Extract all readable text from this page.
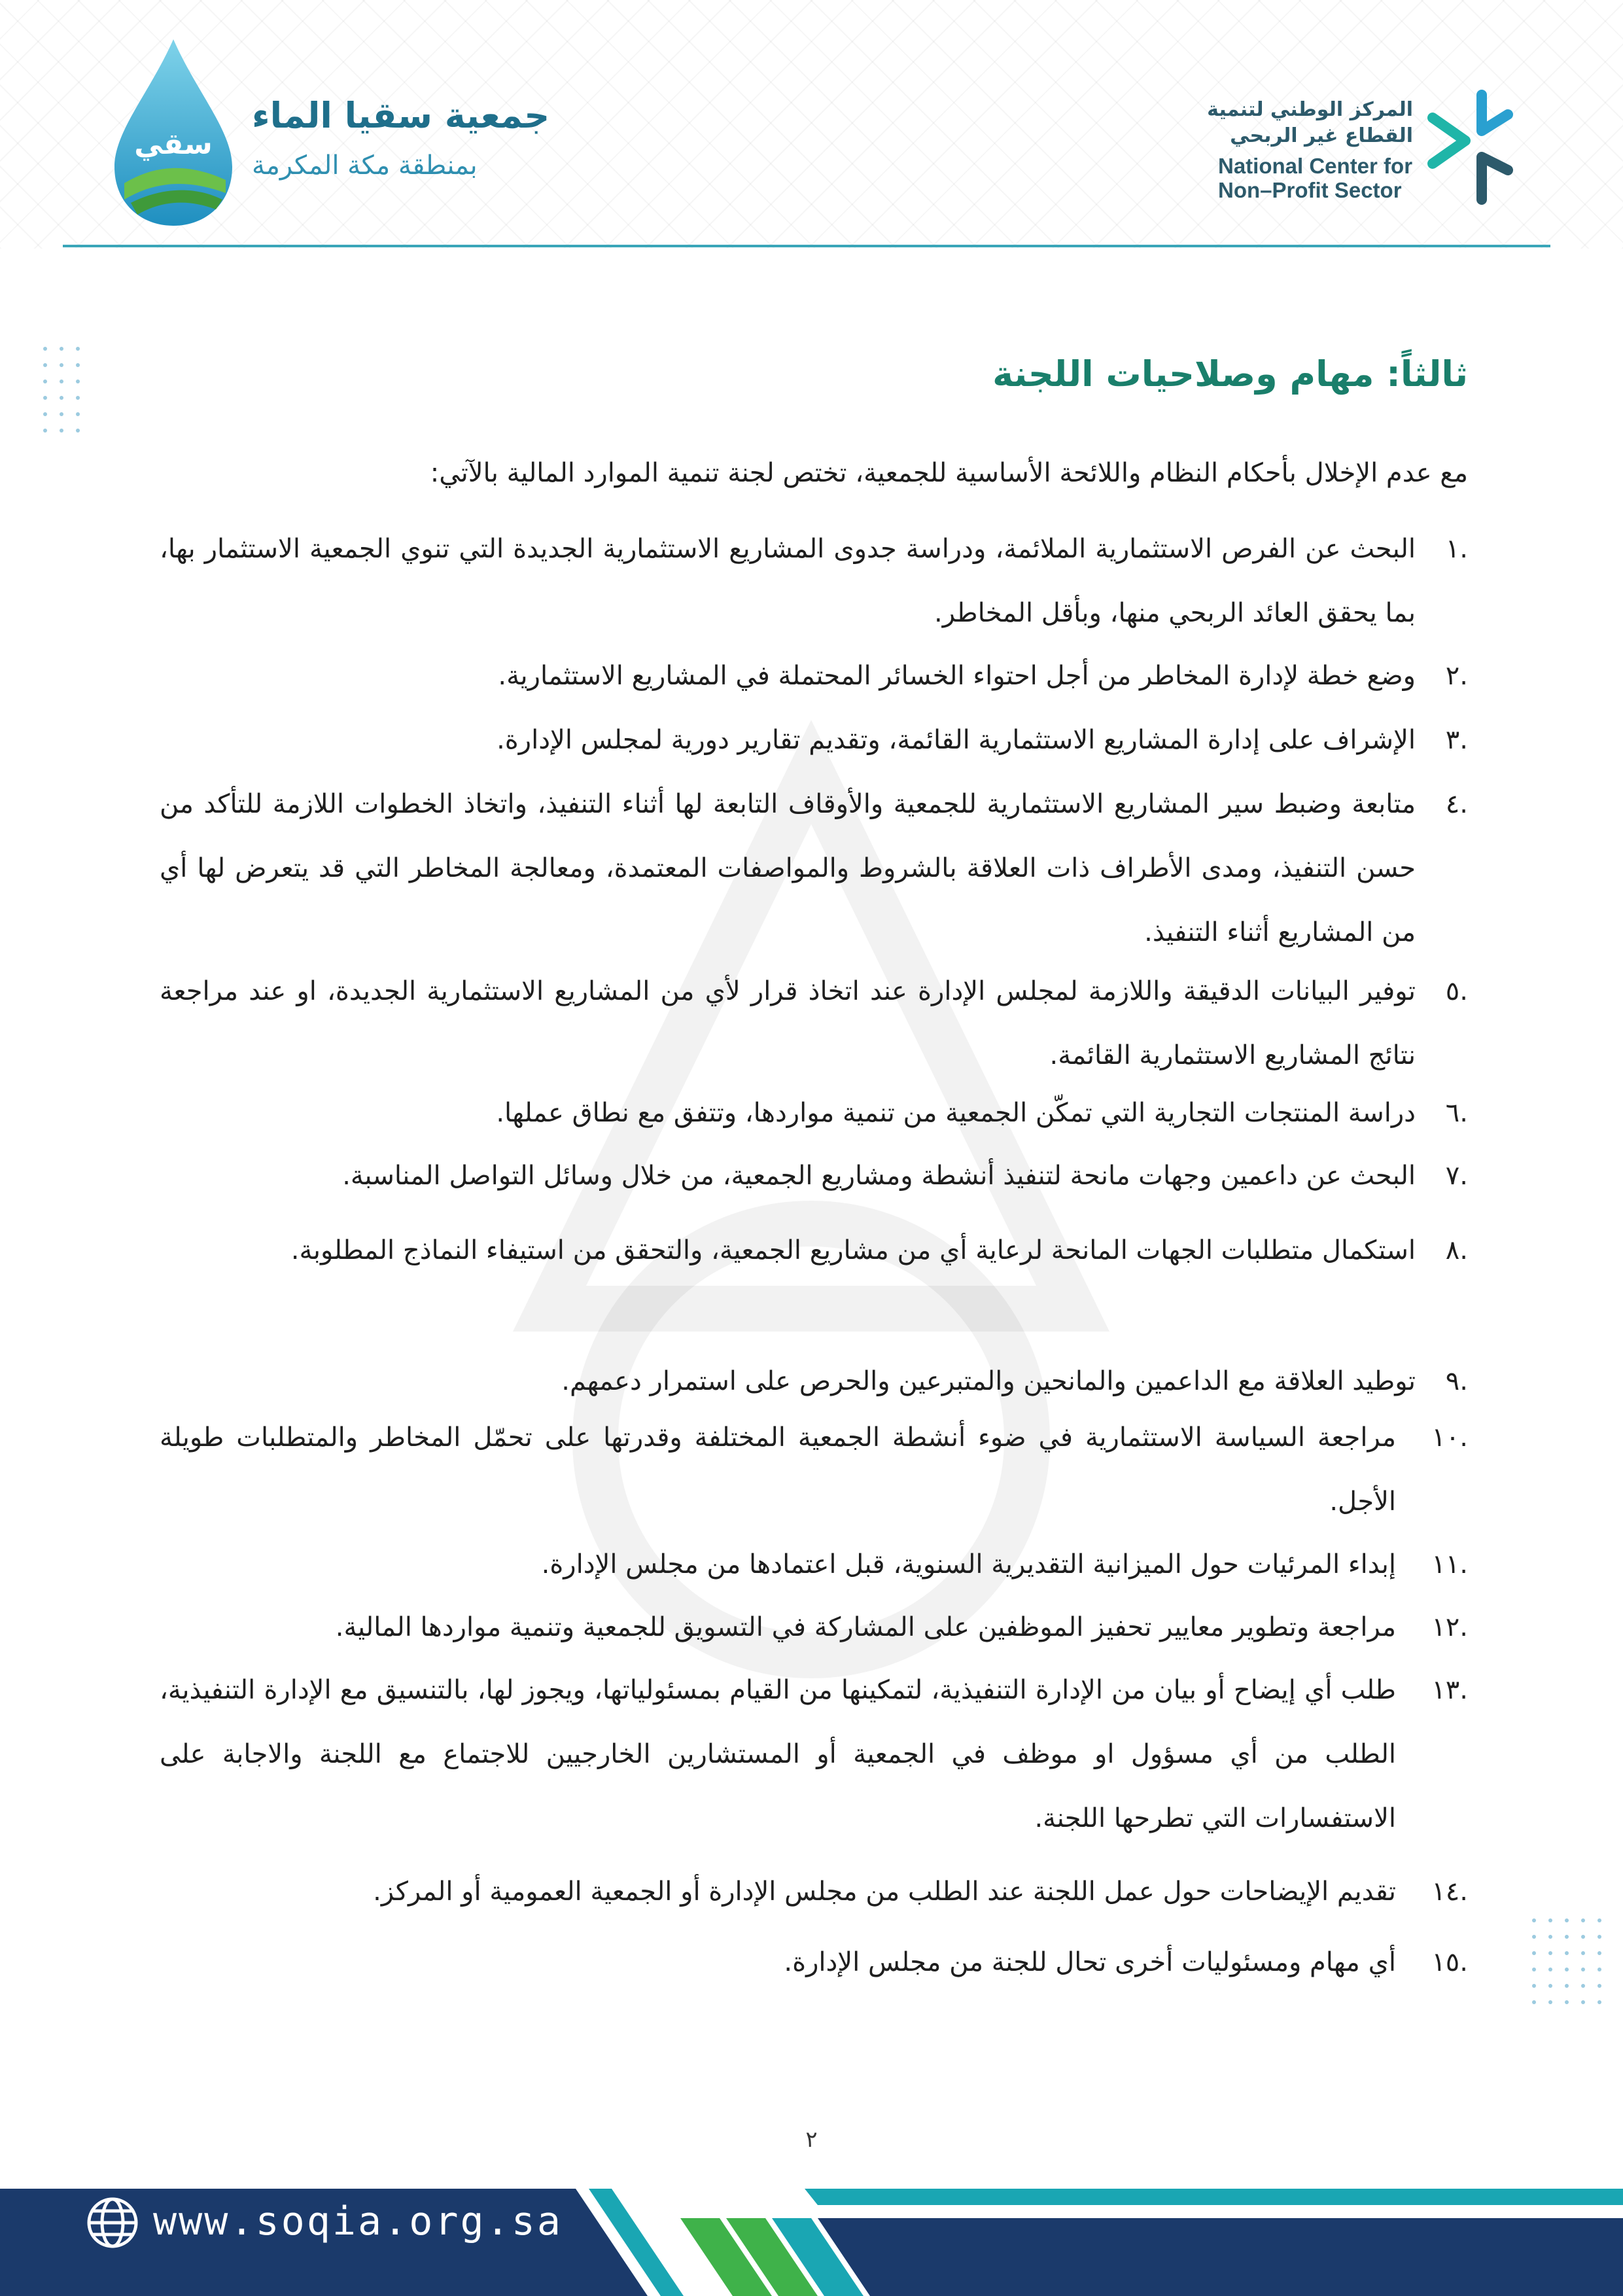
سقي
جمعية سقيا الماء
بمنطقة مكة المكرمة
المركز الوطني لتنمية
القطاع غير الربحي
National Center for
Non–Profit Sector
ثالثاً: مهام وصلاحيات اللجنة
مع عدم الإخلال بأحكام النظام واللائحة الأساسية للجمعية، تختص لجنة تنمية الموارد المالية بالآتي:
.١
البحث عن الفرص الاستثمارية الملائمة، ودراسة جدوى المشاريع الاستثمارية الجديدة التي تنوي الجمعية الاستثمار بها، بما يحقق العائد الربحي منها، وبأقل المخاطر.
.٢
وضع خطة لإدارة المخاطر من أجل احتواء الخسائر المحتملة في المشاريع الاستثمارية.
.٣
الإشراف على إدارة المشاريع الاستثمارية القائمة، وتقديم تقارير دورية لمجلس الإدارة.
.٤
متابعة وضبط سير المشاريع الاستثمارية للجمعية والأوقاف التابعة لها أثناء التنفيذ، واتخاذ الخطوات اللازمة للتأكد من حسن التنفيذ، ومدى الأطراف ذات العلاقة بالشروط والمواصفات المعتمدة، ومعالجة المخاطر التي قد يتعرض لها أي من المشاريع أثناء التنفيذ.
.٥
توفير البيانات الدقيقة واللازمة لمجلس الإدارة عند اتخاذ قرار لأي من المشاريع الاستثمارية الجديدة، او عند مراجعة نتائج المشاريع الاستثمارية القائمة.
.٦
دراسة المنتجات التجارية التي تمكّن الجمعية من تنمية مواردها، وتتفق مع نطاق عملها.
.٧
البحث عن داعمين وجهات مانحة لتنفيذ أنشطة ومشاريع الجمعية، من خلال وسائل التواصل المناسبة.
.٨
استكمال متطلبات الجهات المانحة لرعاية أي من مشاريع الجمعية، والتحقق من استيفاء النماذج المطلوبة.
.٩
توطيد العلاقة مع الداعمين والمانحين والمتبرعين والحرص على استمرار دعمهم.
.١٠
مراجعة السياسة الاستثمارية في ضوء أنشطة الجمعية المختلفة وقدرتها على تحمّل المخاطر والمتطلبات طويلة الأجل.
.١١
إبداء المرئيات حول الميزانية التقديرية السنوية، قبل اعتمادها من مجلس الإدارة.
.١٢
مراجعة وتطوير معايير تحفيز الموظفين على المشاركة في التسويق للجمعية وتنمية مواردها المالية.
.١٣
طلب أي إيضاح أو بيان من الإدارة التنفيذية، لتمكينها من القيام بمسئولياتها، ويجوز لها، بالتنسيق مع الإدارة التنفيذية، الطلب من أي مسؤول او موظف في الجمعية أو المستشارين الخارجيين للاجتماع مع اللجنة والاجابة على الاستفسارات التي تطرحها اللجنة.
.١٤
تقديم الإيضاحات حول عمل اللجنة عند الطلب من مجلس الإدارة أو الجمعية العمومية أو المركز.
.١٥
أي مهام ومسئوليات أخرى تحال للجنة من مجلس الإدارة.
٢
www.soqia.org.sa
